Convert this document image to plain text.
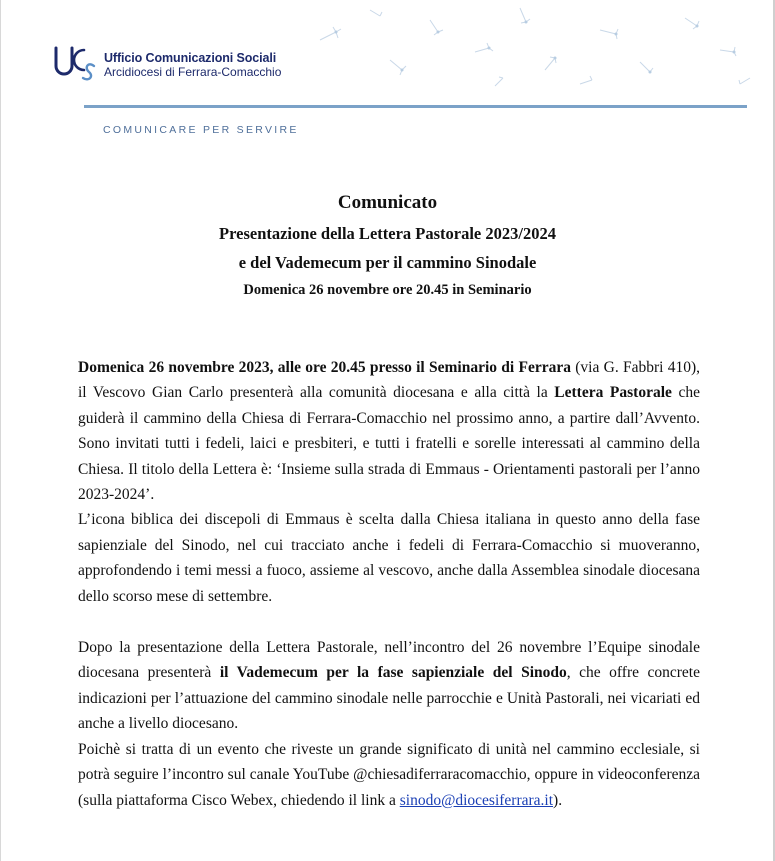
Ufficio Comunicazioni Sociali
Arcidiocesi di Ferrara-Comacchio
COMUNICARE PER SERVIRE
Comunicato
Presentazione della Lettera Pastorale 2023/2024
e del Vademecum per il cammino Sinodale
Domenica 26 novembre ore 20.45 in Seminario

Domenica 26 novembre 2023, alle ore 20.45 presso il Seminario di Ferrara (via G. Fabbri 410), il Vescovo Gian Carlo presenterà alla comunità diocesana e alla città la Lettera Pastorale che guiderà il cammino della Chiesa di Ferrara-Comacchio nel prossimo anno, a partire dall’Avvento. Sono invitati tutti i fedeli, laici e presbiteri, e tutti i fratelli e sorelle interessati al cammino della Chiesa. Il titolo della Lettera è: ‘Insieme sulla strada di Emmaus - Orientamenti pastorali per l’anno 2023-2024’.

L’icona biblica dei discepoli di Emmaus è scelta dalla Chiesa italiana in questo anno della fase sapienziale del Sinodo, nel cui tracciato anche i fedeli di Ferrara-Comacchio si muoveranno, approfondendo i temi messi a fuoco, assieme al vescovo, anche dalla Assemblea sinodale diocesana dello scorso mese di settembre.

Dopo la presentazione della Lettera Pastorale, nell’incontro del 26 novembre l’Equipe sinodale diocesana presenterà il Vademecum per la fase sapienziale del Sinodo, che offre concrete indicazioni per l’attuazione del cammino sinodale nelle parrocchie e Unità Pastorali, nei vicariati ed anche a livello diocesano.

Poichè si tratta di un evento che riveste un grande significato di unità nel cammino ecclesiale, si potrà seguire l’incontro sul canale YouTube @chiesadiferraracomacchio, oppure in videoconferenza (sulla piattaforma Cisco Webex, chiedendo il link a sinodo@diocesiferrara.it).
